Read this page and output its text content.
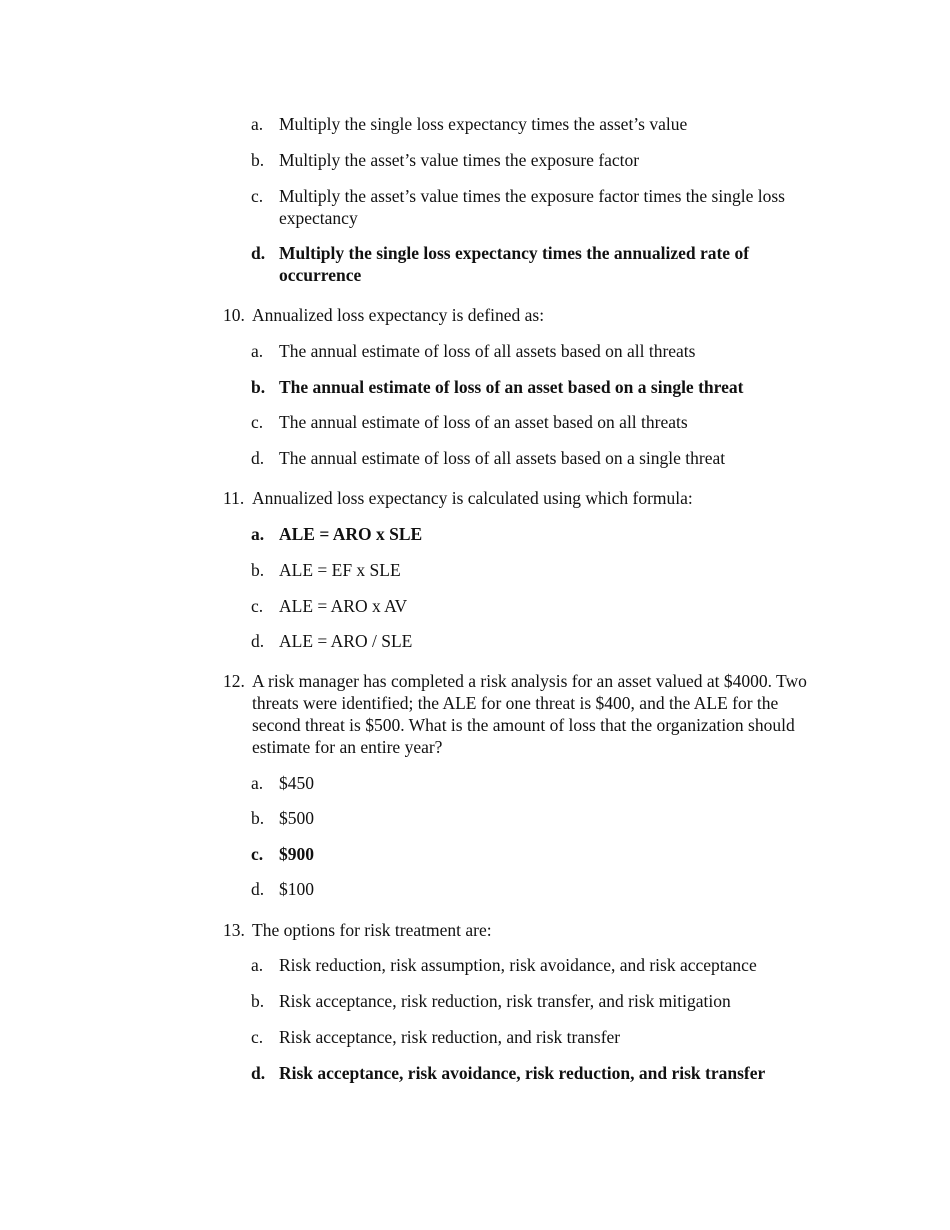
a. Multiply the single loss expectancy times the asset’s value
b. Multiply the asset’s value times the exposure factor
c. Multiply the asset’s value times the exposure factor times the single loss expectancy
d. Multiply the single loss expectancy times the annualized rate of occurrence
10. Annualized loss expectancy is defined as:
a. The annual estimate of loss of all assets based on all threats
b. The annual estimate of loss of an asset based on a single threat
c. The annual estimate of loss of an asset based on all threats
d. The annual estimate of loss of all assets based on a single threat
11. Annualized loss expectancy is calculated using which formula:
a. ALE = ARO x SLE
b. ALE = EF x SLE
c. ALE = ARO x AV
d. ALE = ARO / SLE
12. A risk manager has completed a risk analysis for an asset valued at $4000. Two threats were identified; the ALE for one threat is $400, and the ALE for the second threat is $500. What is the amount of loss that the organization should estimate for an entire year?
a. $450
b. $500
c. $900
d. $100
13. The options for risk treatment are:
a. Risk reduction, risk assumption, risk avoidance, and risk acceptance
b. Risk acceptance, risk reduction, risk transfer, and risk mitigation
c. Risk acceptance, risk reduction, and risk transfer
d. Risk acceptance, risk avoidance, risk reduction, and risk transfer
